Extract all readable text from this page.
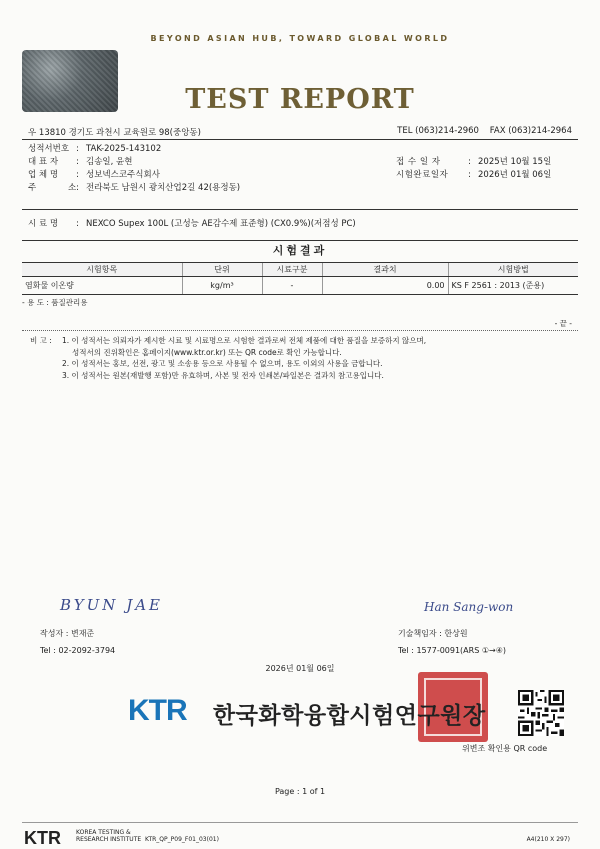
BEYOND ASIAN HUB, TOWARD GLOBAL WORLD
TEST REPORT
우 13810 경기도 과천시 교육원로 98(중앙동)	TEL (063)214-2960 FAX (063)214-2964
성적서번호 : TAK-2025-143102
대 표 자 : 김송일, 윤현
업 체 명 : 성보넥스코주식회사
주	소: 전라북도 남원시 광치산업2길 42(용정동)
접 수 일 자	: 2025년 10월 15일
시험완료일자 : 2026년 01월 06일
시 료 명 : NEXCO Supex 100L (고성능 AE감수제 표준형) (CX0.9%)(저점성 PC)
시험결과
시험항목	단위	시료구분	결과치	시험방법
염화물 이온량	kg/m³	-	0.00	KS F 2561 : 2013 (준용)
- 용 도 : 품질관리용
- 끝 -
비 고 : 1. 이 성적서는 의뢰자가 제시한 시료 및 시료명으로 시험한 결과로써 전체 제품에 대한 품질을 보증하지 않으며,
성적서의 진위확인은 홈페이지(www.ktr.or.kr) 또는 QR code로 확인 가능합니다.
2. 이 성적서는 홍보, 선전, 광고 및 소송용 등으로 사용될 수 없으며, 용도 이외의 사용을 금합니다.
3. 이 성적서는 원본(재발행 포함)만 유효하며, 사본 및 전자 인쇄본/파일본은 결과치 참고용입니다.
BYUN JAE
작성자 : 변재준
Tel : 02-2092-3794
Han Sang-won
기술책임자 : 한상원
Tel : 1577-0091(ARS ①→④)
2026년 01월 06일
KTR 한국화학융합시험연구원장
위변조 확인용 QR code
Page : 1 of 1
KTR	KOREA TESTING &
RESEARCH INSTITUTE KTR_QP_P09_F01_03(01)	A4(210 X 297)
